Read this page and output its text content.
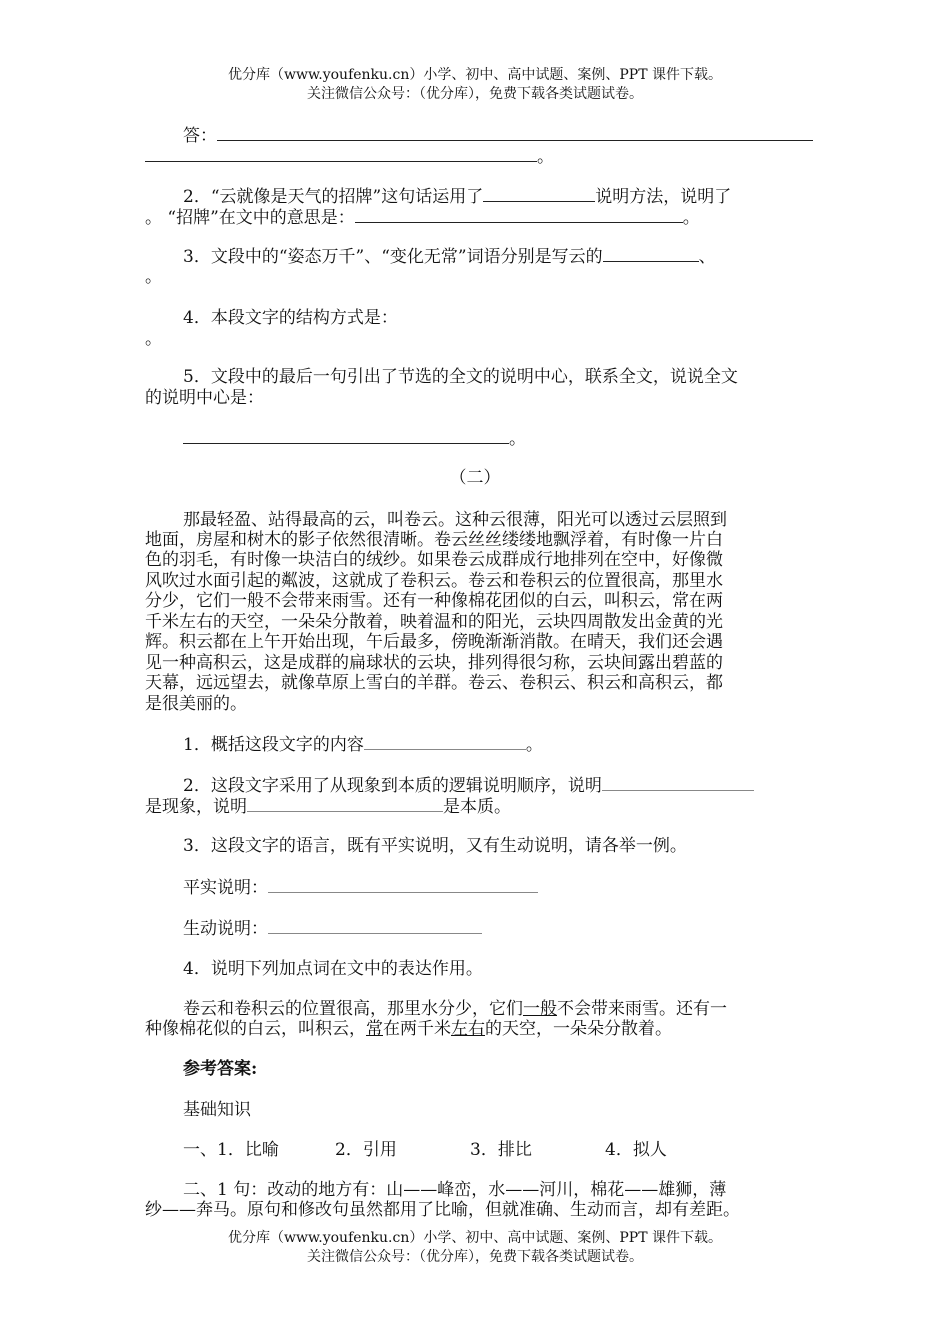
优分库（www.youfenku.cn）小学、初中、高中试题、案例、PPT 课件下载。
关注微信公众号：（优分库），免费下载各类试题试卷。
答：
。
2．“云就像是天气的招牌”这句话运用了	说明方法，说明了
。 “招牌”在文中的意思是：	。
3．文段中的“姿态万千”、“变化无常”词语分别是写云的	、
。
4．本段文字的结构方式是：
。
5．文段中的最后一句引出了节选的全文的说明中心，联系全文，说说全文
的说明中心是：
。
（二）
那最轻盈、站得最高的云，叫卷云。这种云很薄，阳光可以透过云层照到
地面，房屋和树木的影子依然很清晰。卷云丝丝缕缕地飘浮着，有时像一片白
色的羽毛，有时像一块洁白的绒纱。如果卷云成群成行地排列在空中，好像微
风吹过水面引起的粼波，这就成了卷积云。卷云和卷积云的位置很高，那里水
分少，它们一般不会带来雨雪。还有一种像棉花团似的白云，叫积云，常在两
千米左右的天空，一朵朵分散着，映着温和的阳光，云块四周散发出金黄的光
辉。积云都在上午开始出现，午后最多，傍晚渐渐消散。在晴天，我们还会遇
见一种高积云，这是成群的扁球状的云块，排列得很匀称，云块间露出碧蓝的
天幕，远远望去，就像草原上雪白的羊群。卷云、卷积云、积云和高积云，都
是很美丽的。
1．概括这段文字的内容	。
2．这段文字采用了从现象到本质的逻辑说明顺序，说明
是现象，说明	是本质。
3．这段文字的语言，既有平实说明，又有生动说明，请各举一例。
平实说明：
生动说明：
4．说明下列加点词在文中的表达作用。
卷云和卷积云的位置很高，那里水分少，它们一般不会带来雨雪。还有一
种像棉花似的白云，叫积云，常在两千米左右的天空，一朵朵分散着。
参考答案:
基础知识
一、1．比喻	2．引用	3．排比	4．拟人
二、1 句：改动的地方有：山——峰峦，水——河川，棉花——雄狮，薄
纱——奔马。原句和修改句虽然都用了比喻，但就准确、生动而言，却有差距。
优分库（www.youfenku.cn）小学、初中、高中试题、案例、PPT 课件下载。
关注微信公众号：（优分库），免费下载各类试题试卷。
